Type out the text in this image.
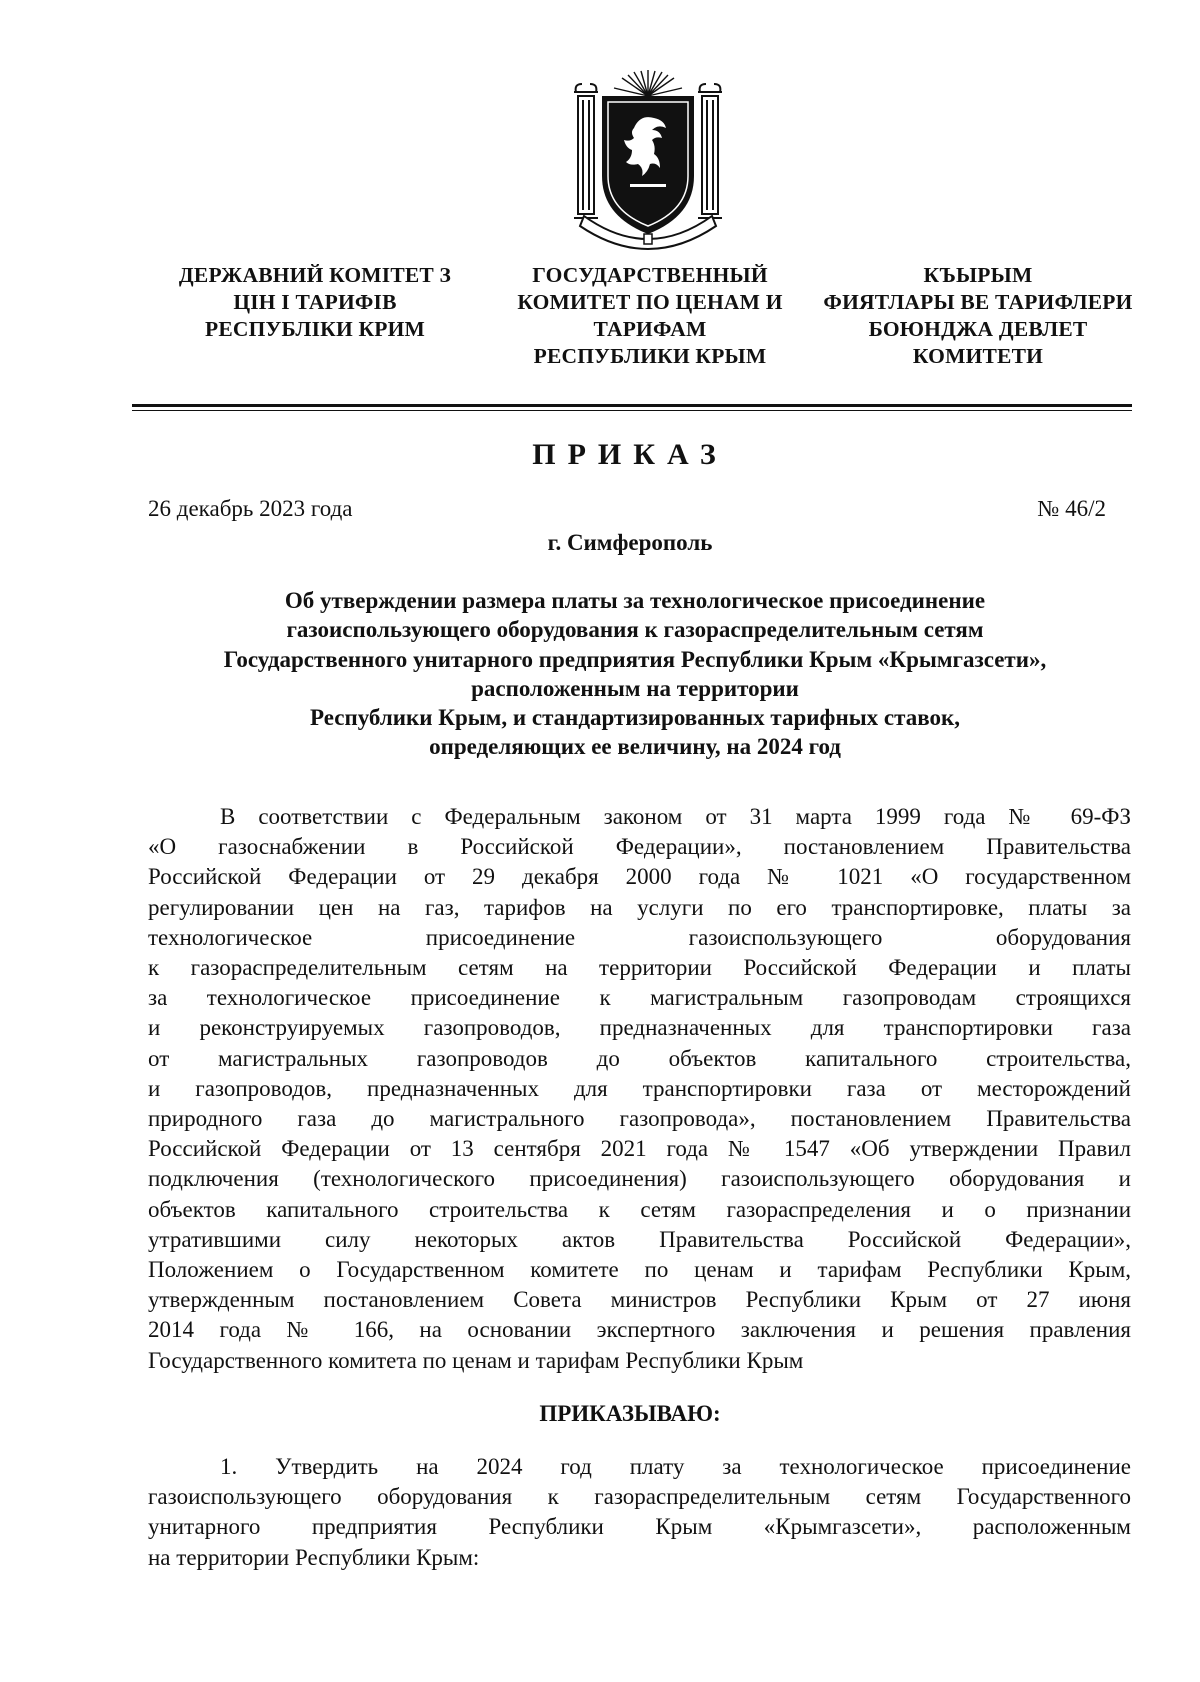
ДЕРЖАВНИЙ КОМІТЕТ З
ЦІН І ТАРИФІВ
РЕСПУБЛІКИ КРИМ
ГОСУДАРСТВЕННЫЙ
КОМИТЕТ ПО ЦЕНАМ И
ТАРИФАМ
РЕСПУБЛИКИ КРЫМ
КЪЫРЫМ
ФИЯТЛАРЫ ВЕ ТАРИФЛЕРИ
БОЮНДЖА ДЕВЛЕТ
КОМИТЕТИ
ПРИКАЗ
26 декабрь 2023 года	№ 46/2
г. Симферополь
Об утверждении размера платы за технологическое присоединение
газоиспользующего оборудования к газораспределительным сетям
Государственного унитарного предприятия Республики Крым «Крымгазсети»,
расположенным на территории
Республики Крым, и стандартизированных тарифных ставок,
определяющих ее величину, на 2024 год
В соответствии с Федеральным законом от 31 марта 1999 года № 69-ФЗ
«О газоснабжении в Российской Федерации», постановлением Правительства
Российской Федерации от 29 декабря 2000 года № 1021 «О государственном
регулировании цен на газ, тарифов на услуги по его транспортировке, платы за
технологическое присоединение газоиспользующего оборудования
к газораспределительным сетям на территории Российской Федерации и платы
за технологическое присоединение к магистральным газопроводам строящихся
и реконструируемых газопроводов, предназначенных для транспортировки газа
от магистральных газопроводов до объектов капитального строительства,
и газопроводов, предназначенных для транспортировки газа от месторождений
природного газа до магистрального газопровода», постановлением Правительства
Российской Федерации от 13 сентября 2021 года № 1547 «Об утверждении Правил
подключения (технологического присоединения) газоиспользующего оборудования и
объектов капитального строительства к сетям газораспределения и о признании
утратившими силу некоторых актов Правительства Российской Федерации»,
Положением о Государственном комитете по ценам и тарифам Республики Крым,
утвержденным постановлением Совета министров Республики Крым от 27 июня
2014 года № 166, на основании экспертного заключения и решения правления
Государственного комитета по ценам и тарифам Республики Крым
ПРИКАЗЫВАЮ:
1. Утвердить на 2024 год плату за технологическое присоединение
газоиспользующего оборудования к газораспределительным сетям Государственного
унитарного предприятия Республики Крым «Крымгазсети», расположенным
на территории Республики Крым:
